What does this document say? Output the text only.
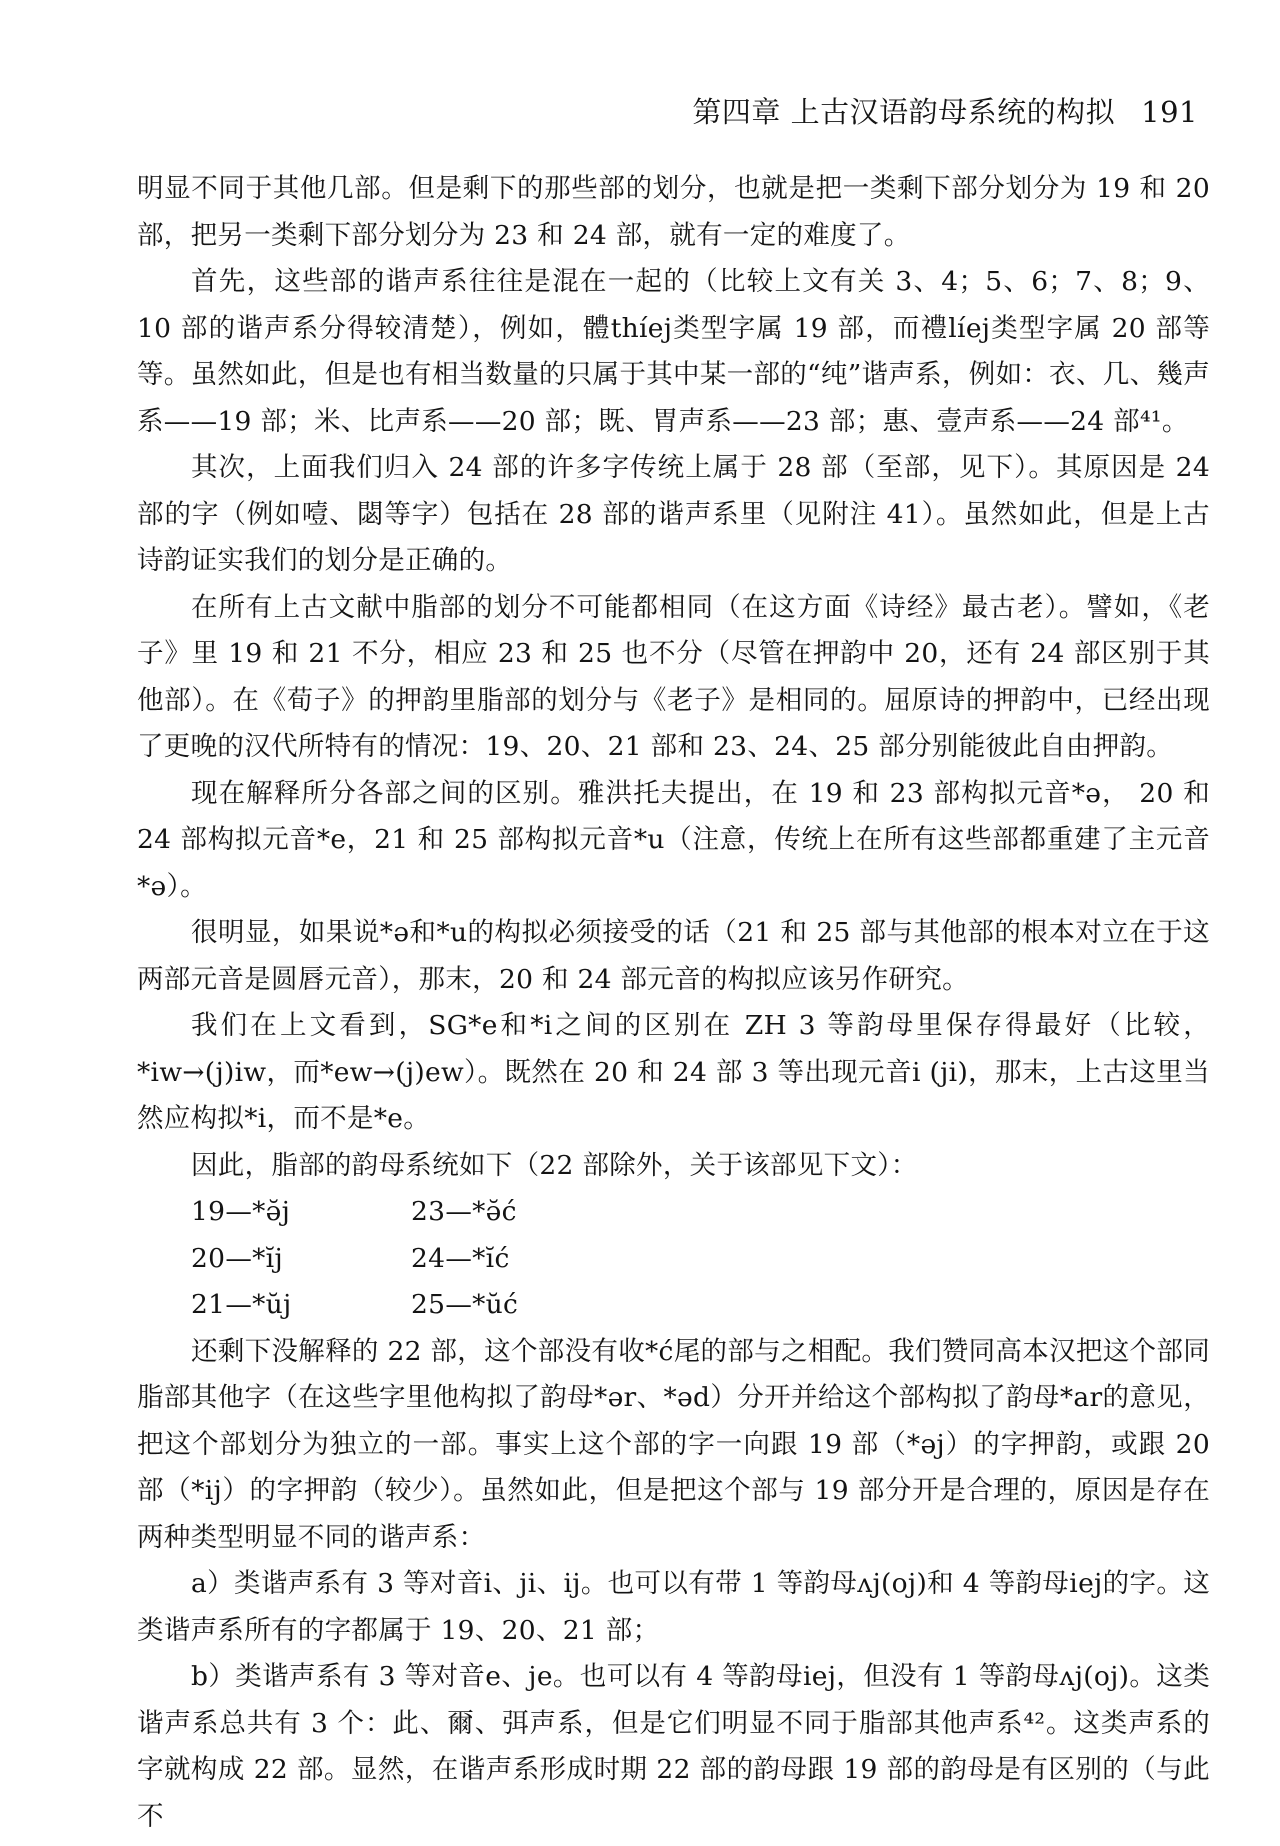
第四章 上古汉语韵母系统的构拟 191

明显不同于其他几部。但是剩下的那些部的划分，也就是把一类剩下部分划分为 19 和 20 部，把另一类剩下部分划分为 23 和 24 部，就有一定的难度了。

首先，这些部的谐声系往往是混在一起的（比较上文有关 3、4；5、6；7、8；9、10 部的谐声系分得较清楚），例如，體thíej类型字属 19 部，而禮líej类型字属 20 部等等。虽然如此，但是也有相当数量的只属于其中某一部的“纯”谐声系，例如：衣、几、幾声系——19 部；米、比声系——20 部；既、胃声系——23 部；惠、壹声系——24 部⁴¹。

其次，上面我们归入 24 部的许多字传统上属于 28 部（至部，见下）。其原因是 24 部的字（例如噎、閟等字）包括在 28 部的谐声系里（见附注 41）。虽然如此，但是上古诗韵证实我们的划分是正确的。

在所有上古文献中脂部的划分不可能都相同（在这方面《诗经》最古老）。譬如，《老子》里 19 和 21 不分，相应 23 和 25 也不分（尽管在押韵中 20，还有 24 部区别于其他部）。在《荀子》的押韵里脂部的划分与《老子》是相同的。屈原诗的押韵中，已经出现了更晚的汉代所特有的情况：19、20、21 部和 23、24、25 部分别能彼此自由押韵。

现在解释所分各部之间的区别。雅洪托夫提出，在 19 和 23 部构拟元音*ə， 20 和 24 部构拟元音*e，21 和 25 部构拟元音*u（注意，传统上在所有这些部都重建了主元音*ə）。

很明显，如果说*ə和*u的构拟必须接受的话（21 和 25 部与其他部的根本对立在于这两部元音是圆唇元音），那末，20 和 24 部元音的构拟应该另作研究。

我们在上文看到，SG*e和*i之间的区别在 ZH 3 等韵母里保存得最好（比较，*iw→(j)iw，而*ew→(j)ew）。既然在 20 和 24 部 3 等出现元音i (ji)，那末，上古这里当然应构拟*i，而不是*e。

因此，脂部的韵母系统如下（22 部除外，关于该部见下文）：

19—*ə̆j	23—*ə̆ć
20—*ĭj	24—*ĭć
21—*ŭj	25—*ŭć

还剩下没解释的 22 部，这个部没有收*ć尾的部与之相配。我们赞同高本汉把这个部同脂部其他字（在这些字里他构拟了韵母*ər、*əd）分开并给这个部构拟了韵母*ar的意见，把这个部划分为独立的一部。事实上这个部的字一向跟 19 部（*əj）的字押韵，或跟 20 部（*ij）的字押韵（较少）。虽然如此，但是把这个部与 19 部分开是合理的，原因是存在两种类型明显不同的谐声系：

a）类谐声系有 3 等对音i、ji、ij。也可以有带 1 等韵母ʌj(oj)和 4 等韵母iej的字。这类谐声系所有的字都属于 19、20、21 部；

b）类谐声系有 3 等对音e、je。也可以有 4 等韵母iej，但没有 1 等韵母ʌj(oj)。这类谐声系总共有 3 个：此、爾、弭声系，但是它们明显不同于脂部其他声系⁴²。这类声系的字就构成 22 部。显然，在谐声系形成时期 22 部的韵母跟 19 部的韵母是有区别的（与此不
